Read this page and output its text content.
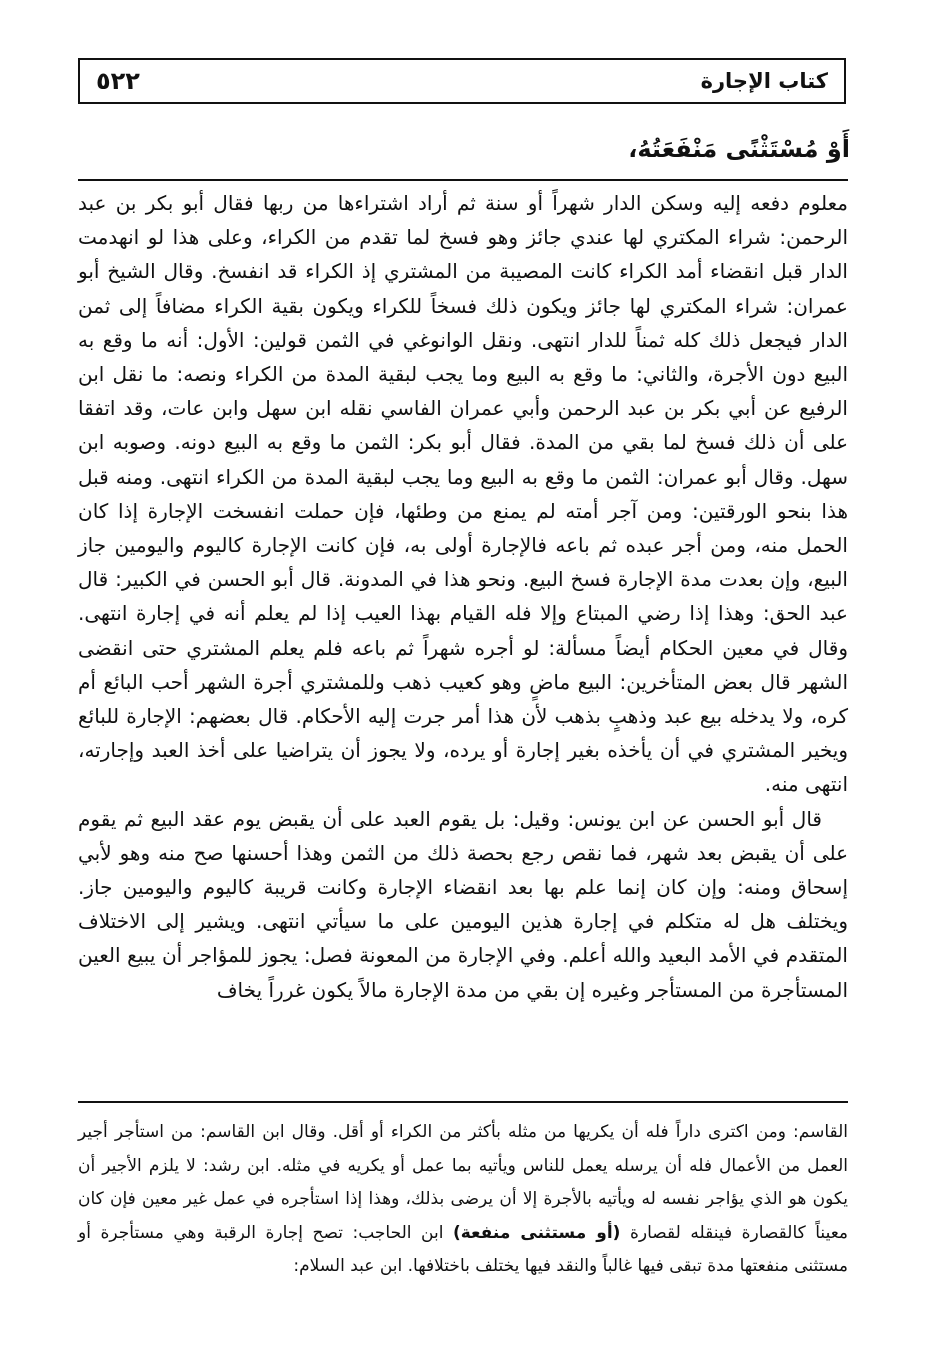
كتاب الإجارة
٥٢٢
أَوْ مُسْتَثْنًى مَنْفَعَتُهُ،

معلوم دفعه إليه وسكن الدار شهراً أو سنة ثم أراد اشتراءها من ربها فقال أبو بكر بن عبد الرحمن: شراء المكتري لها عندي جائز وهو فسخ لما تقدم من الكراء، وعلى هذا لو انهدمت الدار قبل انقضاء أمد الكراء كانت المصيبة من المشتري إذ الكراء قد انفسخ. وقال الشيخ أبو عمران: شراء المكتري لها جائز ويكون ذلك فسخاً للكراء ويكون بقية الكراء مضافاً إلى ثمن الدار فيجعل ذلك كله ثمناً للدار انتهى. ونقل الوانوغي في الثمن قولين: الأول: أنه ما وقع به البيع دون الأجرة، والثاني: ما وقع به البيع وما يجب لبقية المدة من الكراء ونصه: ما نقل ابن الرفيع عن أبي بكر بن عبد الرحمن وأبي عمران الفاسي نقله ابن سهل وابن عات، وقد اتفقا على أن ذلك فسخ لما بقي من المدة. فقال أبو بكر: الثمن ما وقع به البيع دونه. وصوبه ابن سهل. وقال أبو عمران: الثمن ما وقع به البيع وما يجب لبقية المدة من الكراء انتهى. ومنه قبل هذا بنحو الورقتين: ومن آجر أمته لم يمنع من وطئها، فإن حملت انفسخت الإجارة إذا كان الحمل منه، ومن أجر عبده ثم باعه فالإجارة أولى به، فإن كانت الإجارة كاليوم واليومين جاز البيع، وإن بعدت مدة الإجارة فسخ البيع. ونحو هذا في المدونة. قال أبو الحسن في الكبير: قال عبد الحق: وهذا إذا رضي المبتاع وإلا فله القيام بهذا العيب إذا لم يعلم أنه في إجارة انتهى. وقال في معين الحكام أيضاً مسألة: لو أجره شهراً ثم باعه فلم يعلم المشتري حتى انقضى الشهر قال بعض المتأخرين: البيع ماضٍ وهو كعيب ذهب وللمشتري أجرة الشهر أحب البائع أم كره، ولا يدخله بيع عبد وذهبٍ بذهب لأن هذا أمر جرت إليه الأحكام. قال بعضهم: الإجارة للبائع ويخير المشتري في أن يأخذه بغير إجارة أو يرده، ولا يجوز أن يتراضيا على أخذ العبد وإجارته، انتهى منه.

قال أبو الحسن عن ابن يونس: وقيل: بل يقوم العبد على أن يقبض يوم عقد البيع ثم يقوم على أن يقبض بعد شهر، فما نقص رجع بحصة ذلك من الثمن وهذا أحسنها صح منه وهو لأبي إسحاق ومنه: وإن كان إنما علم بها بعد انقضاء الإجارة وكانت قريبة كاليوم واليومين جاز. ويختلف هل له متكلم في إجارة هذين اليومين على ما سيأتي انتهى. ويشير إلى الاختلاف المتقدم في الأمد البعيد والله أعلم. وفي الإجارة من المعونة فصل: يجوز للمؤاجر أن يبيع العين المستأجرة من المستأجر وغيره إن بقي من مدة الإجارة مالاً يكون غرراً يخاف

القاسم: ومن اكترى داراً فله أن يكريها من مثله بأكثر من الكراء أو أقل. وقال ابن القاسم: من استأجر أجير العمل من الأعمال فله أن يرسله يعمل للناس ويأتيه بما عمل أو يكريه في مثله. ابن رشد: لا يلزم الأجير أن يكون هو الذي يؤاجر نفسه له ويأتيه بالأجرة إلا أن يرضى بذلك، وهذا إذا استأجره في عمل غير معين فإن كان معيناً كالقصارة فينقله لقصارة (أو مستثنى منفعة) ابن الحاجب: تصح إجارة الرقبة وهي مستأجرة أو مستثنى منفعتها مدة تبقى فيها غالباً والنقد فيها يختلف باختلافها. ابن عبد السلام:
